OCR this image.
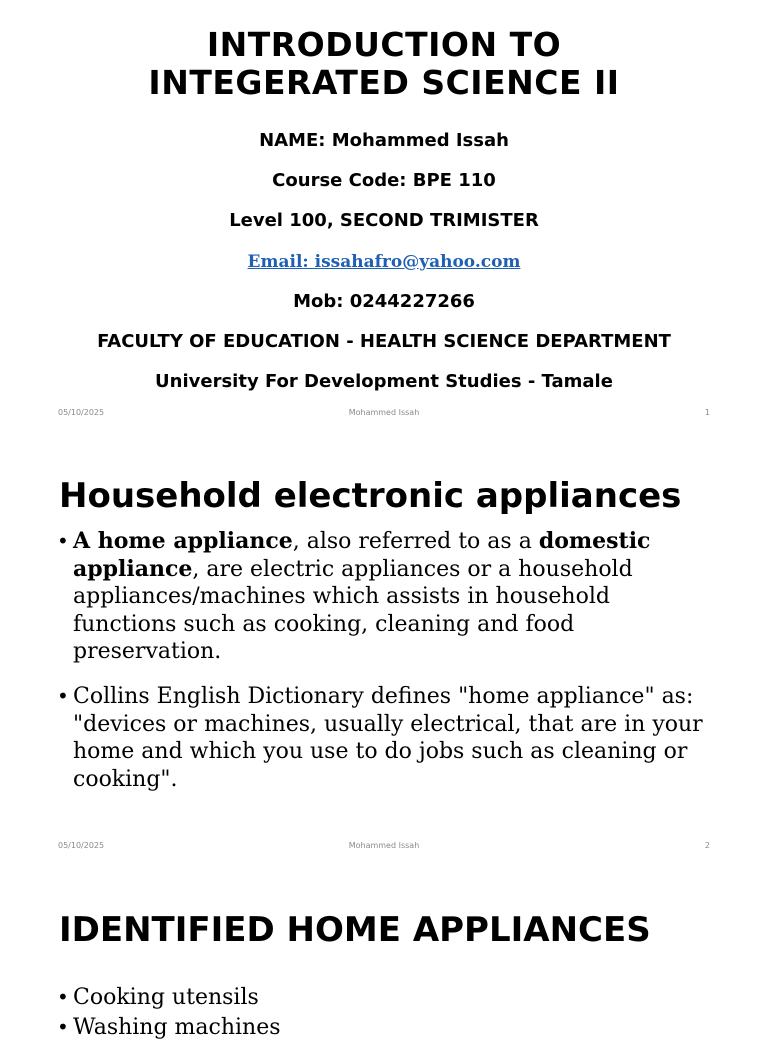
INTRODUCTION TO
INTEGERATED SCIENCE II
NAME: Mohammed Issah
Course Code: BPE 110
Level 100, SECOND TRIMISTER
Email: issahafro@yahoo.com
Mob: 0244227266
FACULTY OF EDUCATION - HEALTH SCIENCE DEPARTMENT
University For Development Studies - Tamale
05/10/2025	Mohammed Issah	1
Household electronic appliances
• A home appliance, also referred to as a domestic appliance, are electric appliances or a household appliances/machines which assists in household functions such as cooking, cleaning and food preservation.
• Collins English Dictionary defines "home appliance" as: "devices or machines, usually electrical, that are in your home and which you use to do jobs such as cleaning or cooking".
05/10/2025	Mohammed Issah	2
IDENTIFIED HOME APPLIANCES
• Cooking utensils
• Washing machines
